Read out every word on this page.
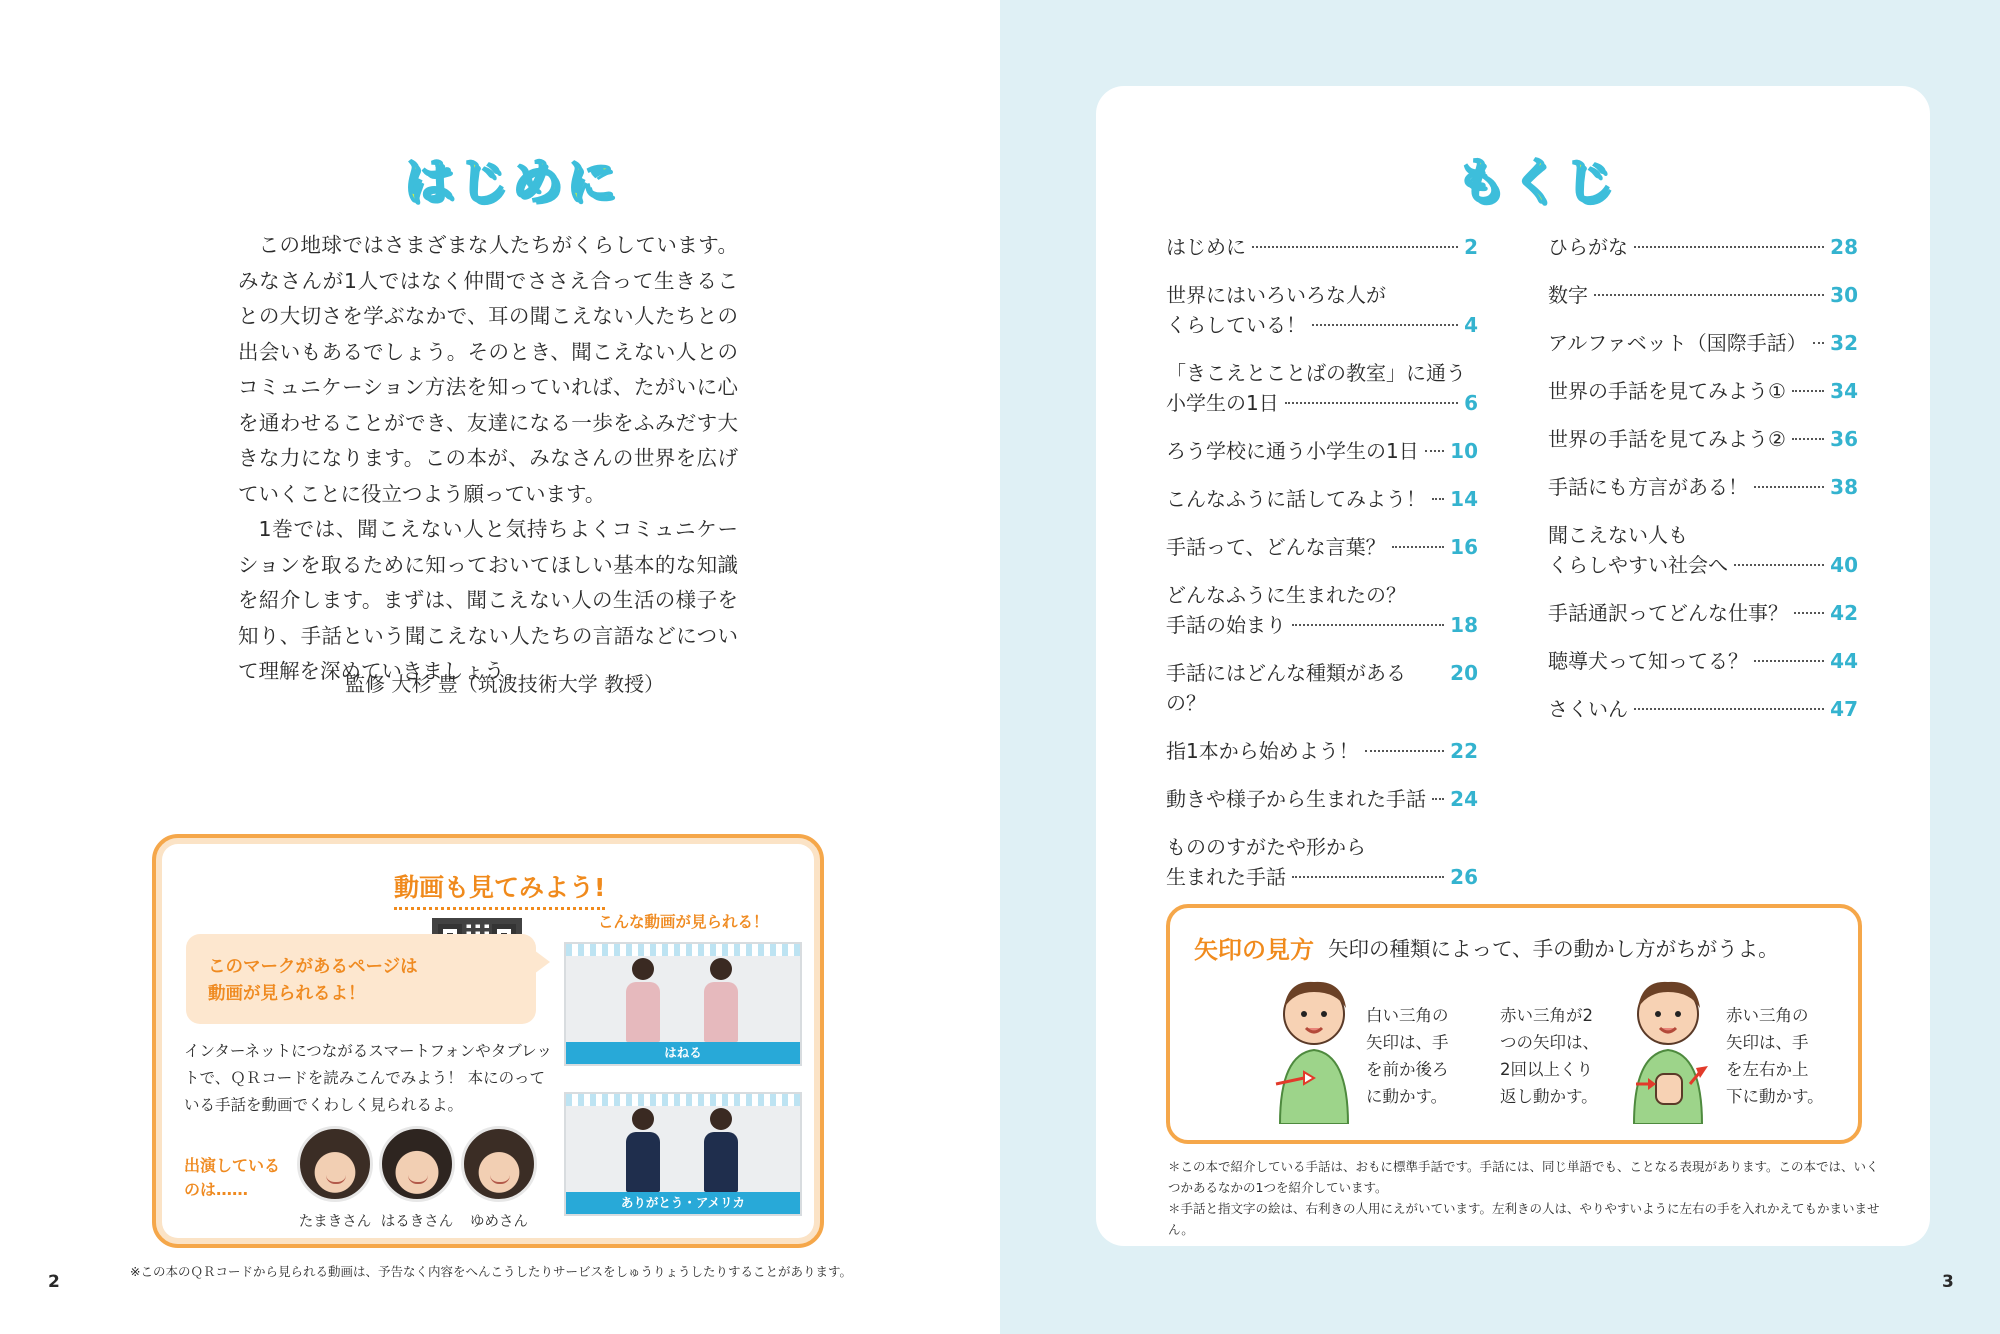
はじめに

この地球ではさまざまな人たちがくらしています。みなさんが1人ではなく仲間でささえ合って生きることの大切さを学ぶなかで、耳の聞こえない人たちとの出会いもあるでしょう。そのとき、聞こえない人とのコミュニケーション方法を知っていれば、たがいに心を通わせることができ、友達になる一歩をふみだす大きな力になります。この本が、みなさんの世界を広げていくことに役立つよう願っています。

1巻では、聞こえない人と気持ちよくコミュニケーションを取るために知っておいてほしい基本的な知識を紹介します。まずは、聞こえない人の生活の様子を知り、手話という聞こえない人たちの言語などについて理解を深めていきましょう。

監修 大杉 豊（筑波技術大学 教授）
動画も見てみよう!
このマークがあるページは
動画が見られるよ！
インターネットにつながるスマートフォンやタブレットで、ＱＲコードを読みこんでみよう！ 本にのっている手話を動画でくわしく見られるよ。
出演しているのは……
たまきさん はるきさん	ゆめさん
こんな動画が見られる！
はねる
ありがとう・アメリカ
※この本のＱＲコードから見られる動画は、予告なく内容をへんこうしたりサービスをしゅうりょうしたりすることがあります。
2
もくじ
はじめに	2
世界にはいろいろな人が
くらしている！	4
「きこえとことばの教室」に通う
小学生の1日	6
ろう学校に通う小学生の1日 10
こんなふうに話してみよう！ 14
手話って、どんな言葉？	16
どんなふうに生まれたの？
手話の始まり	18
手話にはどんな種類があるの？
20
指1本から始めよう！	22
動きや様子から生まれた手話 24
もののすがたや形から
生まれた手話	26
ひらがな	28
数字	30
アルファベット（国際手話） 32
世界の手話を見てみよう① 34
世界の手話を見てみよう② 36
手話にも方言がある！	38
聞こえない人も
くらしやすい社会へ	40
手話通訳ってどんな仕事？ 42
聴導犬って知ってる？	44
さくいん	47
矢印の見方 矢印の種類によって、手の動かし方がちがうよ。
白い三角の
矢印は、手
を前か後ろ
に動かす。
赤い三角が2
つの矢印は、
2回以上くり
返し動かす。
赤い三角の
矢印は、手
を左右か上
下に動かす。
＊この本で紹介している手話は、おもに標準手話です。手話には、同じ単語でも、ことなる表現があります。この本では、いくつかあるなかの1つを紹介しています。
＊手話と指文字の絵は、右利きの人用にえがいています。左利きの人は、やりやすいように左右の手を入れかえてもかまいません。
3
